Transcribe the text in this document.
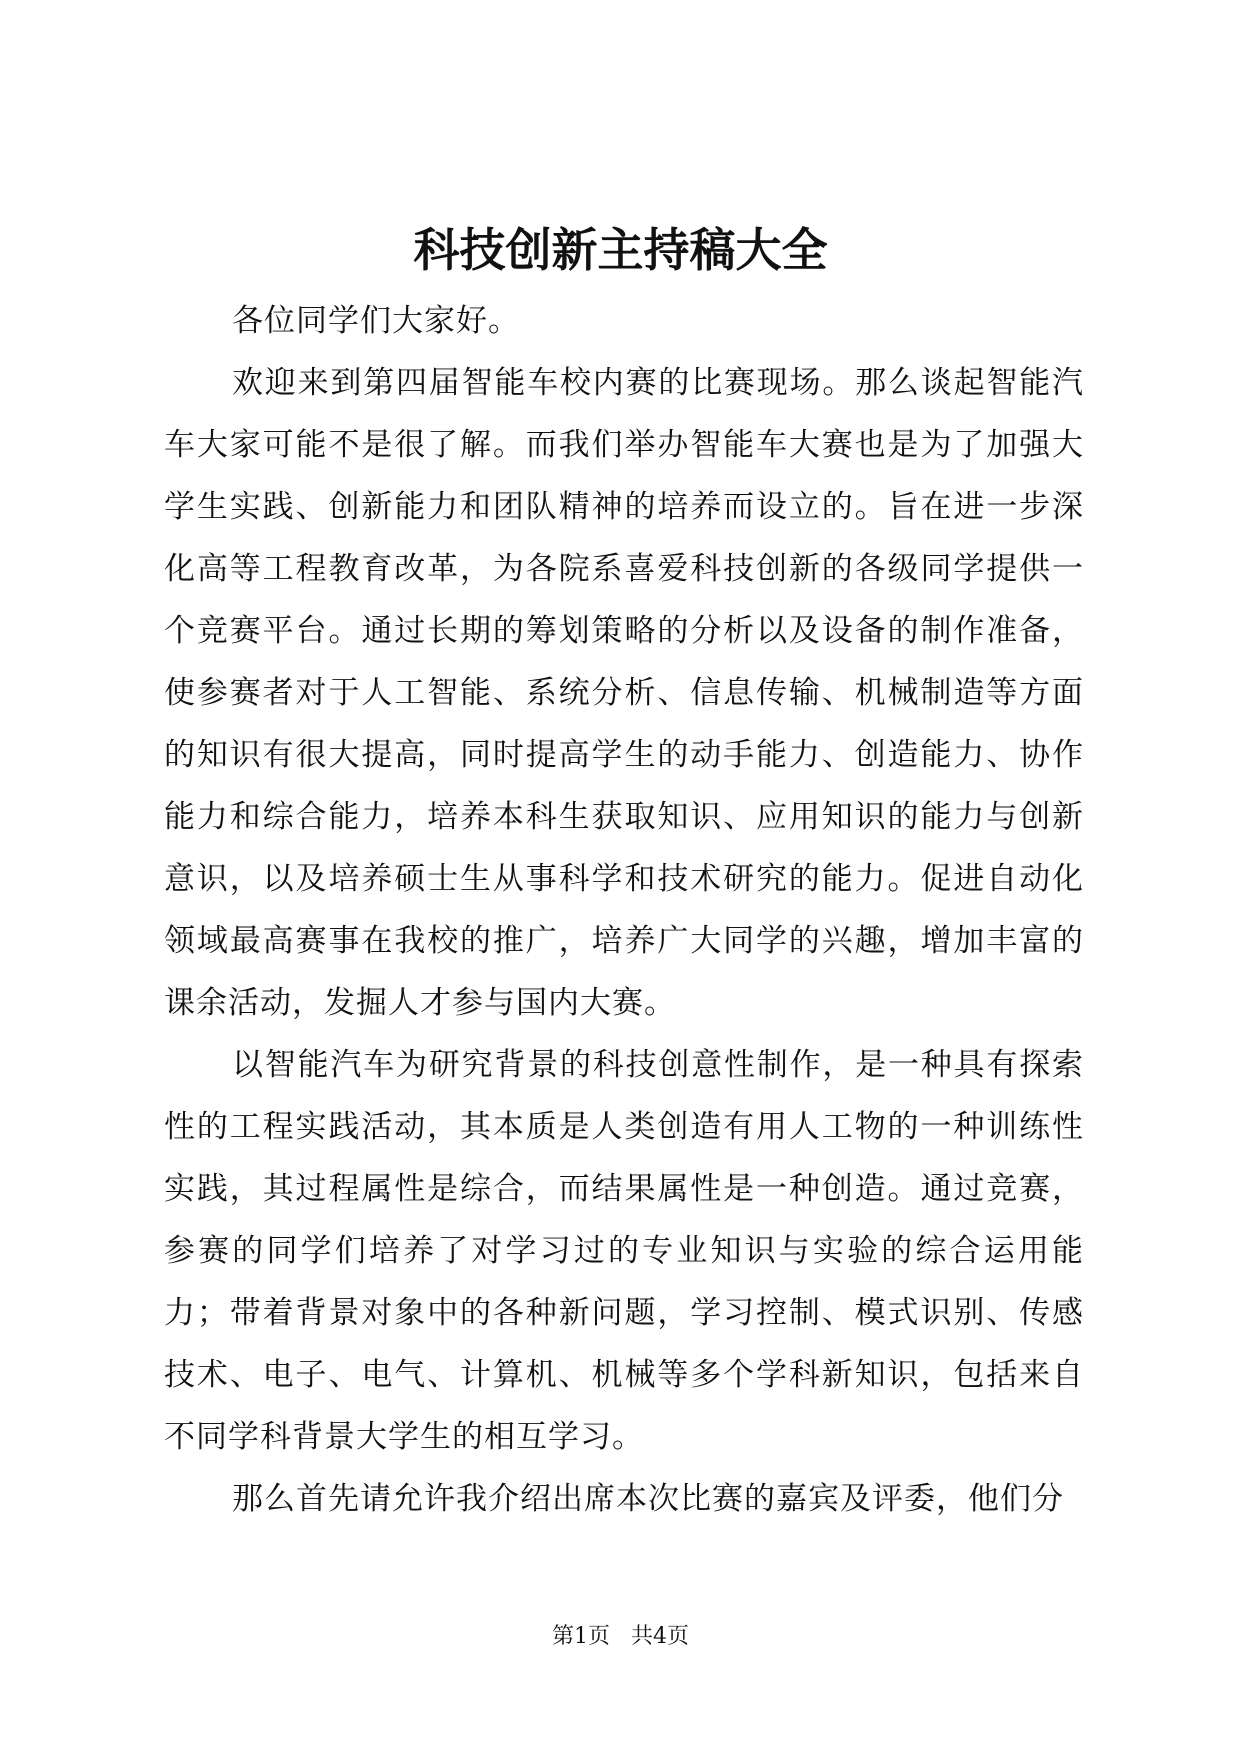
科技创新主持稿大全

各位同学们大家好。

欢迎来到第四届智能车校内赛的比赛现场。那么谈起智能汽车大家可能不是很了解。而我们举办智能车大赛也是为了加强大学生实践、创新能力和团队精神的培养而设立的。旨在进一步深化高等工程教育改革，为各院系喜爱科技创新的各级同学提供一个竞赛平台。通过长期的筹划策略的分析以及设备的制作准备，使参赛者对于人工智能、系统分析、信息传输、机械制造等方面的知识有很大提高，同时提高学生的动手能力、创造能力、协作能力和综合能力，培养本科生获取知识、应用知识的能力与创新意识，以及培养硕士生从事科学和技术研究的能力。促进自动化领域最高赛事在我校的推广，培养广大同学的兴趣，增加丰富的课余活动，发掘人才参与国内大赛。

以智能汽车为研究背景的科技创意性制作，是一种具有探索性的工程实践活动，其本质是人类创造有用人工物的一种训练性实践，其过程属性是综合，而结果属性是一种创造。通过竞赛，参赛的同学们培养了对学习过的专业知识与实验的综合运用能力；带着背景对象中的各种新问题，学习控制、模式识别、传感技术、电子、电气、计算机、机械等多个学科新知识，包括来自不同学科背景大学生的相互学习。

那么首先请允许我介绍出席本次比赛的嘉宾及评委，他们分

第1页 共4页
